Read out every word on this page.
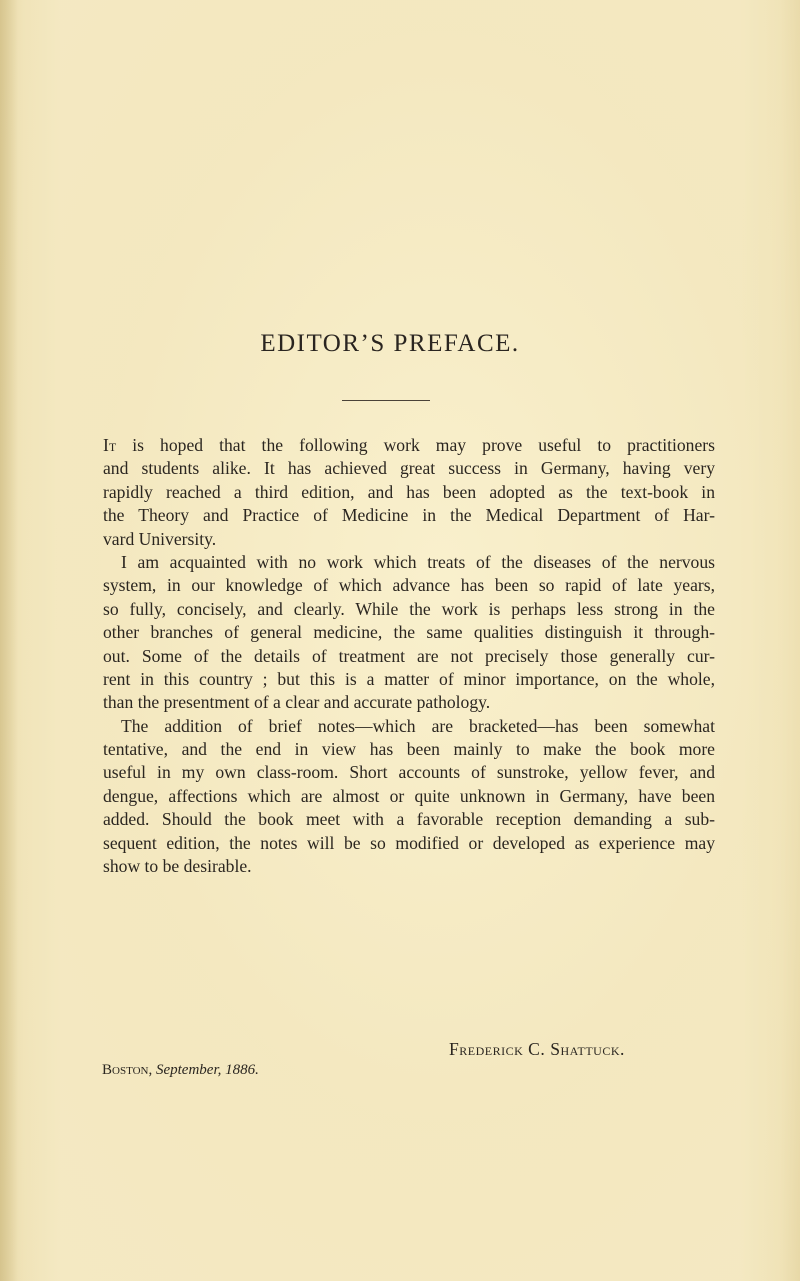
EDITOR’S PREFACE.
It is hoped that the following work may prove useful to practitioners
and students alike. It has achieved great success in Germany, having very
rapidly reached a third edition, and has been adopted as the text-book in
the Theory and Practice of Medicine in the Medical Department of Har-
vard University.
I am acquainted with no work which treats of the diseases of the nervous
system, in our knowledge of which advance has been so rapid of late years,
so fully, concisely, and clearly. While the work is perhaps less strong in the
other branches of general medicine, the same qualities distinguish it through-
out. Some of the details of treatment are not precisely those generally cur-
rent in this country ; but this is a matter of minor importance, on the whole,
than the presentment of a clear and accurate pathology.
The addition of brief notes—which are bracketed—has been somewhat
tentative, and the end in view has been mainly to make the book more
useful in my own class-room. Short accounts of sunstroke, yellow fever, and
dengue, affections which are almost or quite unknown in Germany, have been
added. Should the book meet with a favorable reception demanding a sub-
sequent edition, the notes will be so modified or developed as experience may
show to be desirable.
Frederick C. Shattuck.
Boston, September, 1886.
